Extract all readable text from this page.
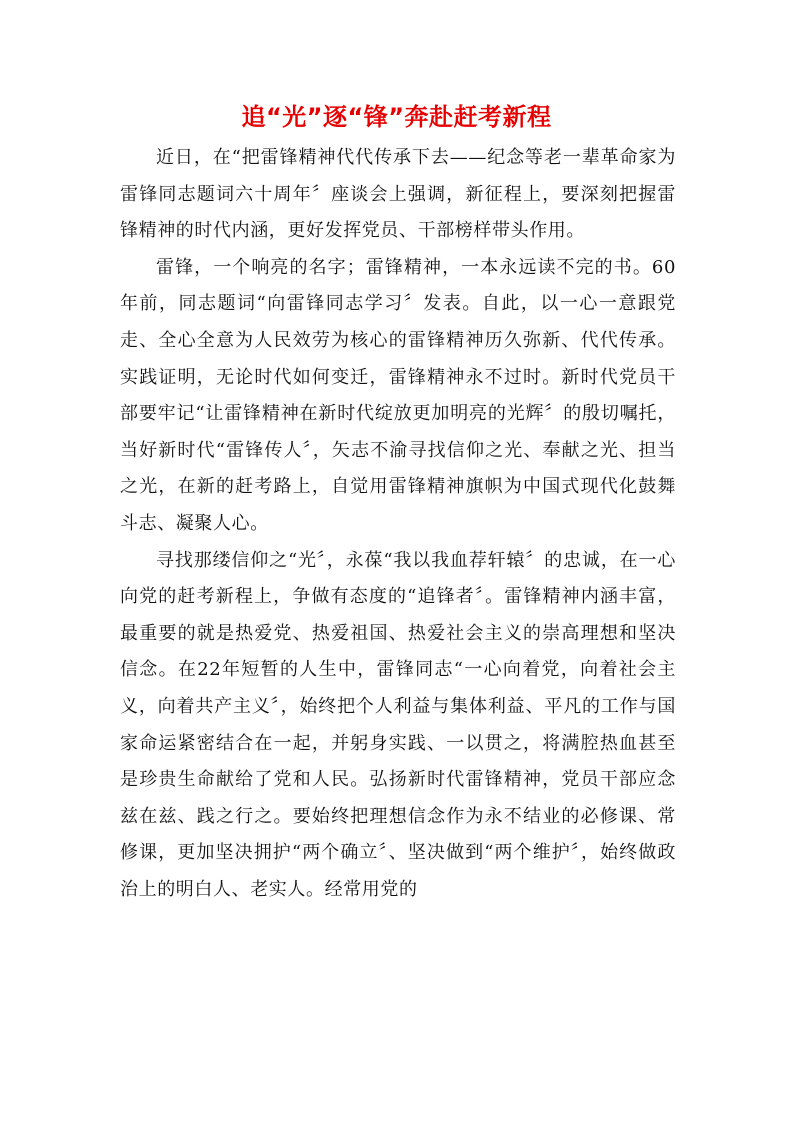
追“光”逐“锋”奔赴赶考新程

近日，在“把雷锋精神代代传承下去——纪念等老一辈革命家为雷锋同志题词六十周年〞座谈会上强调，新征程上，要深刻把握雷锋精神的时代内涵，更好发挥党员、干部榜样带头作用。

雷锋，一个响亮的名字；雷锋精神，一本永远读不完的书。60年前，同志题词“向雷锋同志学习〞发表。自此，以一心一意跟党走、全心全意为人民效劳为核心的雷锋精神历久弥新、代代传承。实践证明，无论时代如何变迁，雷锋精神永不过时。新时代党员干部要牢记“让雷锋精神在新时代绽放更加明亮的光辉〞的殷切嘱托，当好新时代“雷锋传人〞，矢志不渝寻找信仰之光、奉献之光、担当之光，在新的赶考路上，自觉用雷锋精神旗帜为中国式现代化鼓舞斗志、凝聚人心。

寻找那缕信仰之“光〞，永葆“我以我血荐轩辕〞的忠诚，在一心向党的赶考新程上，争做有态度的“追锋者〞。雷锋精神内涵丰富，最重要的就是热爱党、热爱祖国、热爱社会主义的崇高理想和坚决信念。在22年短暂的人生中，雷锋同志“一心向着党，向着社会主义，向着共产主义〞，始终把个人利益与集体利益、平凡的工作与国家命运紧密结合在一起，并躬身实践、一以贯之，将满腔热血甚至是珍贵生命献给了党和人民。弘扬新时代雷锋精神，党员干部应念兹在兹、践之行之。要始终把理想信念作为永不结业的必修课、常修课，更加坚决拥护“两个确立〞、坚决做到“两个维护〞，始终做政治上的明白人、老实人。经常用党的
